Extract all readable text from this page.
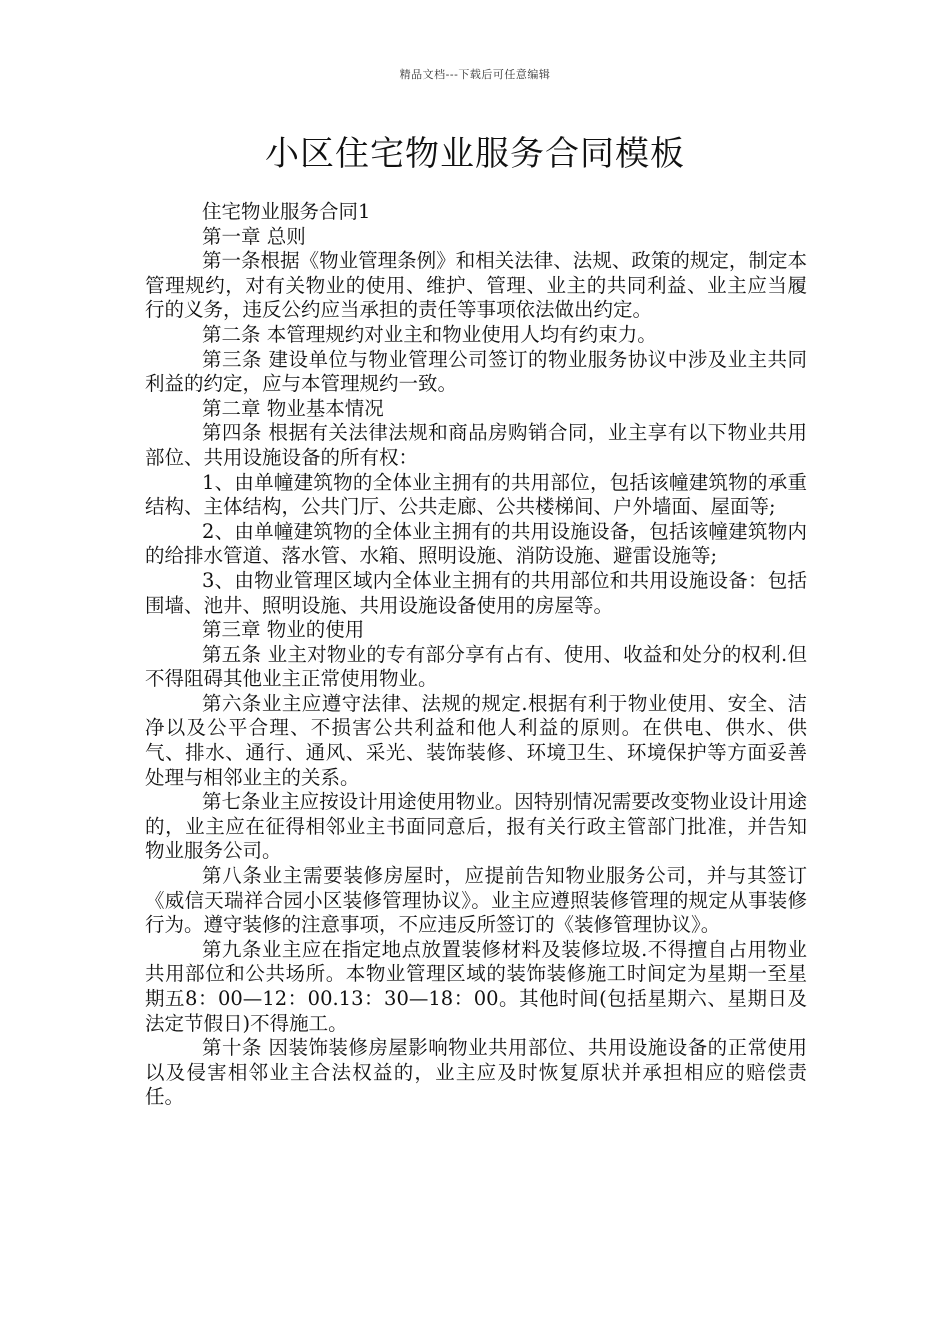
精品文档---下载后可任意编辑
小区住宅物业服务合同模板

住宅物业服务合同1

第一章 总则

第一条根据《物业管理条例》和相关法律、法规、政策的规定，制定本管理规约，对有关物业的使用、维护、管理、业主的共同利益、业主应当履行的义务，违反公约应当承担的责任等事项依法做出约定。

第二条 本管理规约对业主和物业使用人均有约束力。

第三条 建设单位与物业管理公司签订的物业服务协议中涉及业主共同利益的约定，应与本管理规约一致。

第二章 物业基本情况

第四条 根据有关法律法规和商品房购销合同，业主享有以下物业共用部位、共用设施设备的所有权：

1、由单幢建筑物的全体业主拥有的共用部位，包括该幢建筑物的承重结构、主体结构，公共门厅、公共走廊、公共楼梯间、户外墙面、屋面等;

2、由单幢建筑物的全体业主拥有的共用设施设备，包括该幢建筑物内的给排水管道、落水管、水箱、照明设施、消防设施、避雷设施等;

3、由物业管理区域内全体业主拥有的共用部位和共用设施设备：包括围墙、池井、照明设施、共用设施设备使用的房屋等。

第三章 物业的使用

第五条 业主对物业的专有部分享有占有、使用、收益和处分的权利.但不得阻碍其他业主正常使用物业。

第六条业主应遵守法律、法规的规定.根据有利于物业使用、安全、洁净以及公平合理、不损害公共利益和他人利益的原则。在供电、供水、供气、排水、通行、通风、采光、装饰装修、环境卫生、环境保护等方面妥善处理与相邻业主的关系。

第七条业主应按设计用途使用物业。因特别情况需要改变物业设计用途的，业主应在征得相邻业主书面同意后，报有关行政主管部门批准，并告知物业服务公司。

第八条业主需要装修房屋时，应提前告知物业服务公司，并与其签订《威信天瑞祥合园小区装修管理协议》。业主应遵照装修管理的规定从事装修行为。遵守装修的注意事项，不应违反所签订的《装修管理协议》。

第九条业主应在指定地点放置装修材料及装修垃圾.不得擅自占用物业共用部位和公共场所。本物业管理区域的装饰装修施工时间定为星期一至星期五8：00—12：00.13：30—18：00。其他时间(包括星期六、星期日及法定节假日)不得施工。

第十条 因装饰装修房屋影响物业共用部位、共用设施设备的正常使用以及侵害相邻业主合法权益的，业主应及时恢复原状并承担相应的赔偿责任。
